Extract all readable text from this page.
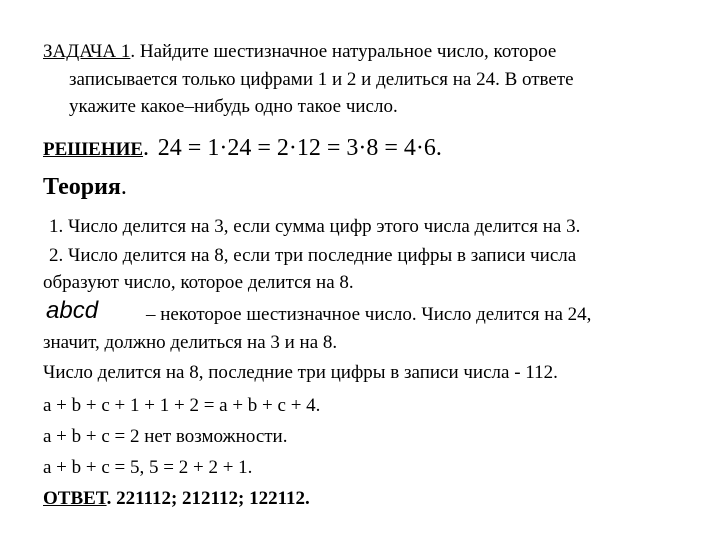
ЗАДАЧА 1. Найдите шестизначное натуральное число, которое
записывается только цифрами 1 и 2 и делиться на 24. В ответе
укажите какое–нибудь одно такое число.
РЕШЕНИЕ. 24 = 1·24 = 2·12 = 3·8 = 4·6.
Теория.
1. Число делится на 3, если сумма цифр этого числа делится на 3.
2. Число делится на 8, если три последние цифры в записи числа
образуют число, которое делится на 8.
abcd	– некоторое шестизначное число. Число делится на 24,
значит, должно делиться на 3 и на 8.
Число делится на 8, последние три цифры в записи числа - 112.
a + b + c + 1 + 1 + 2 = a + b + c + 4.
a + b + c = 2 нет возможности.
a + b + c = 5, 5 = 2 + 2 + 1.
ОТВЕТ. 221112; 212112; 122112.
